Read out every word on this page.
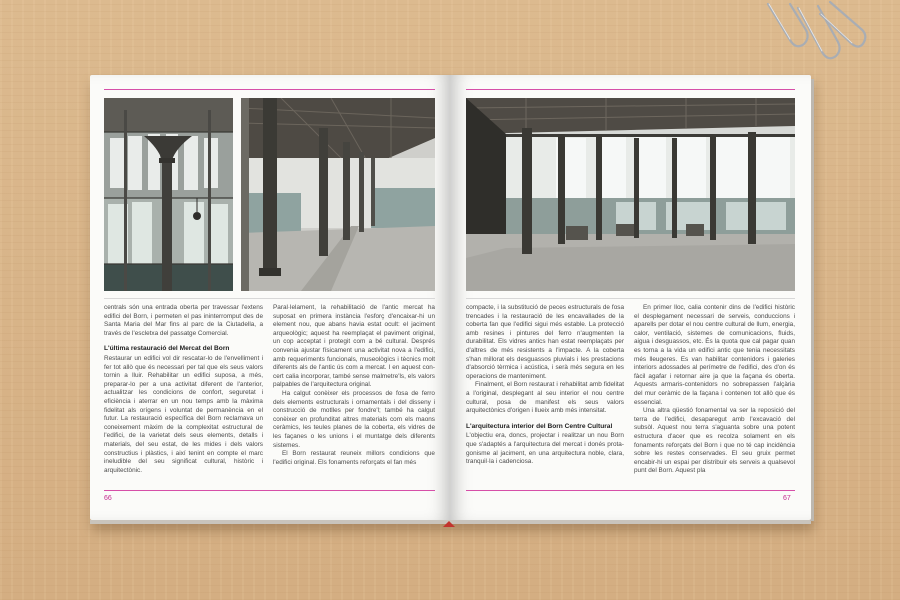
centrals són una entrada oberta per travessar l'extens edifici del Born, i permeten el pas ininterromput des de Santa Maria del Mar fins al parc de la Ciutadella, a través de l'escletxa del passatge Comercial.

L'última restauració del Mercat del Born

Restaurar un edifici vol dir rescatar-lo de l'envelliment i fer tot allò que és necessari per tal que els seus valors tornin a lluir. Rehabilitar un edifici suposa, a més, preparar-lo per a una activitat diferent de l'anterior, actualitzar les condicions de confort, seguretat i eficiència i aterrar en un nou temps amb la màxima fidelitat als orígens i voluntat de permanència en el futur. La restauració específica del Born reclamava un coneixement màxim de la complexitat estructural de l'edifici, de la varietat dels seus elements, detalls i materials, del seu estat, de les mides i dels valors constructius i plàstics, i així tenint en compte el marc ineludible del seu significat cultural, històric i arquitectònic.

Paral·lelament, la rehabilitació de l'antic mercat ha suposat en primera instància l'esforç d'encaixar-hi un element nou, que abans havia estat ocult: el jaciment arqueològic; aquest ha reemplaçat el paviment original, un cop acceptat i protegit com a bé cultural. Després convenia ajustar físicament una activitat nova a l'edifici, amb requeriments funcionals, museològics i tècnics molt diferents als de l'antic ús com a mercat. I en aquest concert calia incorporar, també sense malmetre'ls, els valors palpables de l'arquitectura original.

Ha calgut conèixer els processos de fosa de ferro dels elements estructurals i ornamentals i del disseny i construcció de motlles per fondre'l; també ha calgut conèixer en profunditat altres materials com els maons ceràmics, les teules planes de la coberta, els vidres de les façanes o les unions i el muntatge dels diferents sistemes.

El Born restaurat reuneix millors condicions que l'edifici original. Els fonaments reforçats el fan més

66

compacte, i la substitució de peces estructurals de fosa trencades i la restauració de les encavallades de la coberta fan que l'edifici sigui més estable. La protecció amb resines i pintures del ferro n'augmenten la durabilitat. Els vidres antics han estat reemplaçats per d'altres de més resistents a l'impacte. A la coberta s'han millorat els desguassos pluvials i les prestacions d'absorció tèrmica i acústica, i serà més segura en les operacions de manteniment.

Finalment, el Born restaurat i rehabilitat amb fidelitat a l'original, desplegant al seu interior el nou centre cultural, posa de manifest els seus valors arquitectònics d'origen i llueix amb més intensitat.

L'arquitectura interior del Born Centre Cultural

L'objectiu era, doncs, projectar i realitzar un nou Born que s'adaptés a l'arquitectura del mercat i donés protagonisme al jaciment, en una arquitectura noble, clara, tranquil·la i cadenciosa.

En primer lloc, calia contenir dins de l'edifici històric el desplegament necessari de serveis, conduccions i aparells per dotar el nou centre cultural de llum, energia, calor, ventilació, sistemes de comunicacions, fluids, aigua i desguassos, etc. És la quota que cal pagar quan es torna a la vida un edifici antic que tenia necessitats més lleugeres. Es van habilitar contenidors i galeries interiors adossades al perímetre de l'edifici, des d'on és fàcil agafar i retornar aire ja que la façana és oberta. Aquests armaris-contenidors no sobrepassen l'alçària del mur ceràmic de la façana i contenen tot allò que és essencial.

Una altra qüestió fonamental va ser la reposició del terra de l'edifici, desaparegut amb l'excavació del subsòl. Aquest nou terra s'aguanta sobre una potent estructura d'acer que es recolza solament en els fonaments reforçats del Born i que no té cap incidència sobre les restes conservades. El seu gruix permet encabir-hi un espai per distribuir els serveis a qualsevol punt del Born. Aquest pla

67
